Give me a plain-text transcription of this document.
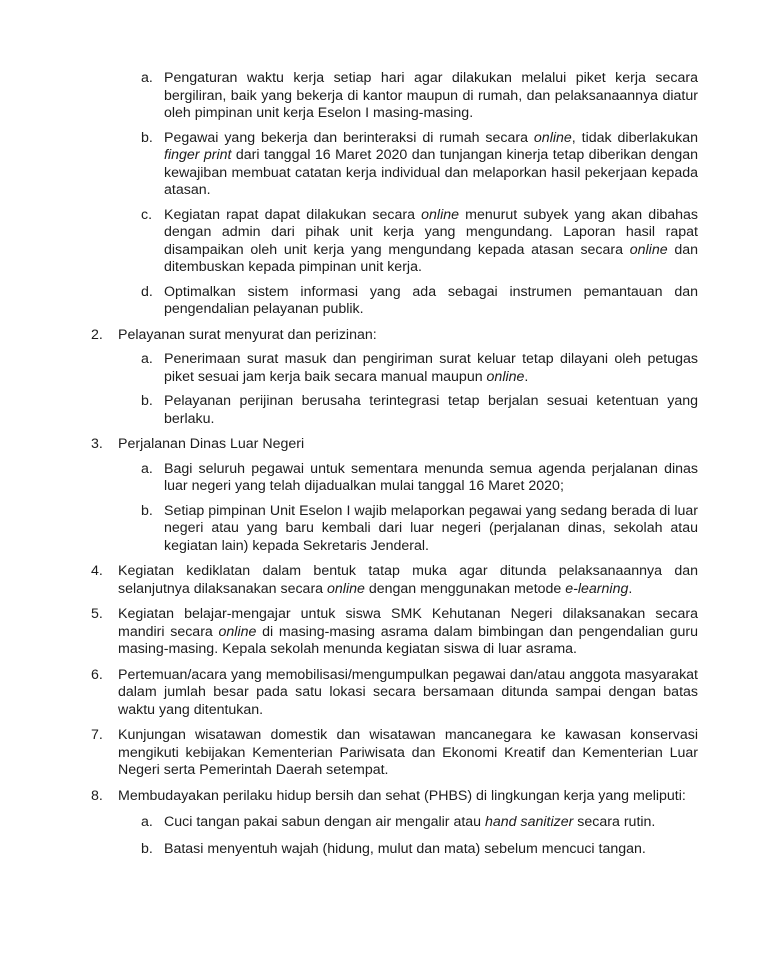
a. Pengaturan waktu kerja setiap hari agar dilakukan melalui piket kerja secara bergiliran, baik yang bekerja di kantor maupun di rumah, dan pelaksanaannya diatur oleh pimpinan unit kerja Eselon I masing-masing.
b. Pegawai yang bekerja dan berinteraksi di rumah secara online, tidak diberlakukan finger print dari tanggal 16 Maret 2020 dan tunjangan kinerja tetap diberikan dengan kewajiban membuat catatan kerja individual dan melaporkan hasil pekerjaan kepada atasan.
c. Kegiatan rapat dapat dilakukan secara online menurut subyek yang akan dibahas dengan admin dari pihak unit kerja yang mengundang. Laporan hasil rapat disampaikan oleh unit kerja yang mengundang kepada atasan secara online dan ditembuskan kepada pimpinan unit kerja.
d. Optimalkan sistem informasi yang ada sebagai instrumen pemantauan dan pengendalian pelayanan publik.
2. Pelayanan surat menyurat dan perizinan:
a. Penerimaan surat masuk dan pengiriman surat keluar tetap dilayani oleh petugas piket sesuai jam kerja baik secara manual maupun online.
b. Pelayanan perijinan berusaha terintegrasi tetap berjalan sesuai ketentuan yang berlaku.
3. Perjalanan Dinas Luar Negeri
a. Bagi seluruh pegawai untuk sementara menunda semua agenda perjalanan dinas luar negeri yang telah dijadualkan mulai tanggal 16 Maret 2020;
b. Setiap pimpinan Unit Eselon I wajib melaporkan pegawai yang sedang berada di luar negeri atau yang baru kembali dari luar negeri (perjalanan dinas, sekolah atau kegiatan lain) kepada Sekretaris Jenderal.
4. Kegiatan kediklatan dalam bentuk tatap muka agar ditunda pelaksanaannya dan selanjutnya dilaksanakan secara online dengan menggunakan metode e-learning.
5. Kegiatan belajar-mengajar untuk siswa SMK Kehutanan Negeri dilaksanakan secara mandiri secara online di masing-masing asrama dalam bimbingan dan pengendalian guru masing-masing. Kepala sekolah menunda kegiatan siswa di luar asrama.
6. Pertemuan/acara yang memobilisasi/mengumpulkan pegawai dan/atau anggota masyarakat dalam jumlah besar pada satu lokasi secara bersamaan ditunda sampai dengan batas waktu yang ditentukan.
7. Kunjungan wisatawan domestik dan wisatawan mancanegara ke kawasan konservasi mengikuti kebijakan Kementerian Pariwisata dan Ekonomi Kreatif dan Kementerian Luar Negeri serta Pemerintah Daerah setempat.
8. Membudayakan perilaku hidup bersih dan sehat (PHBS) di lingkungan kerja yang meliputi:
a. Cuci tangan pakai sabun dengan air mengalir atau hand sanitizer secara rutin.
b. Batasi menyentuh wajah (hidung, mulut dan mata) sebelum mencuci tangan.
